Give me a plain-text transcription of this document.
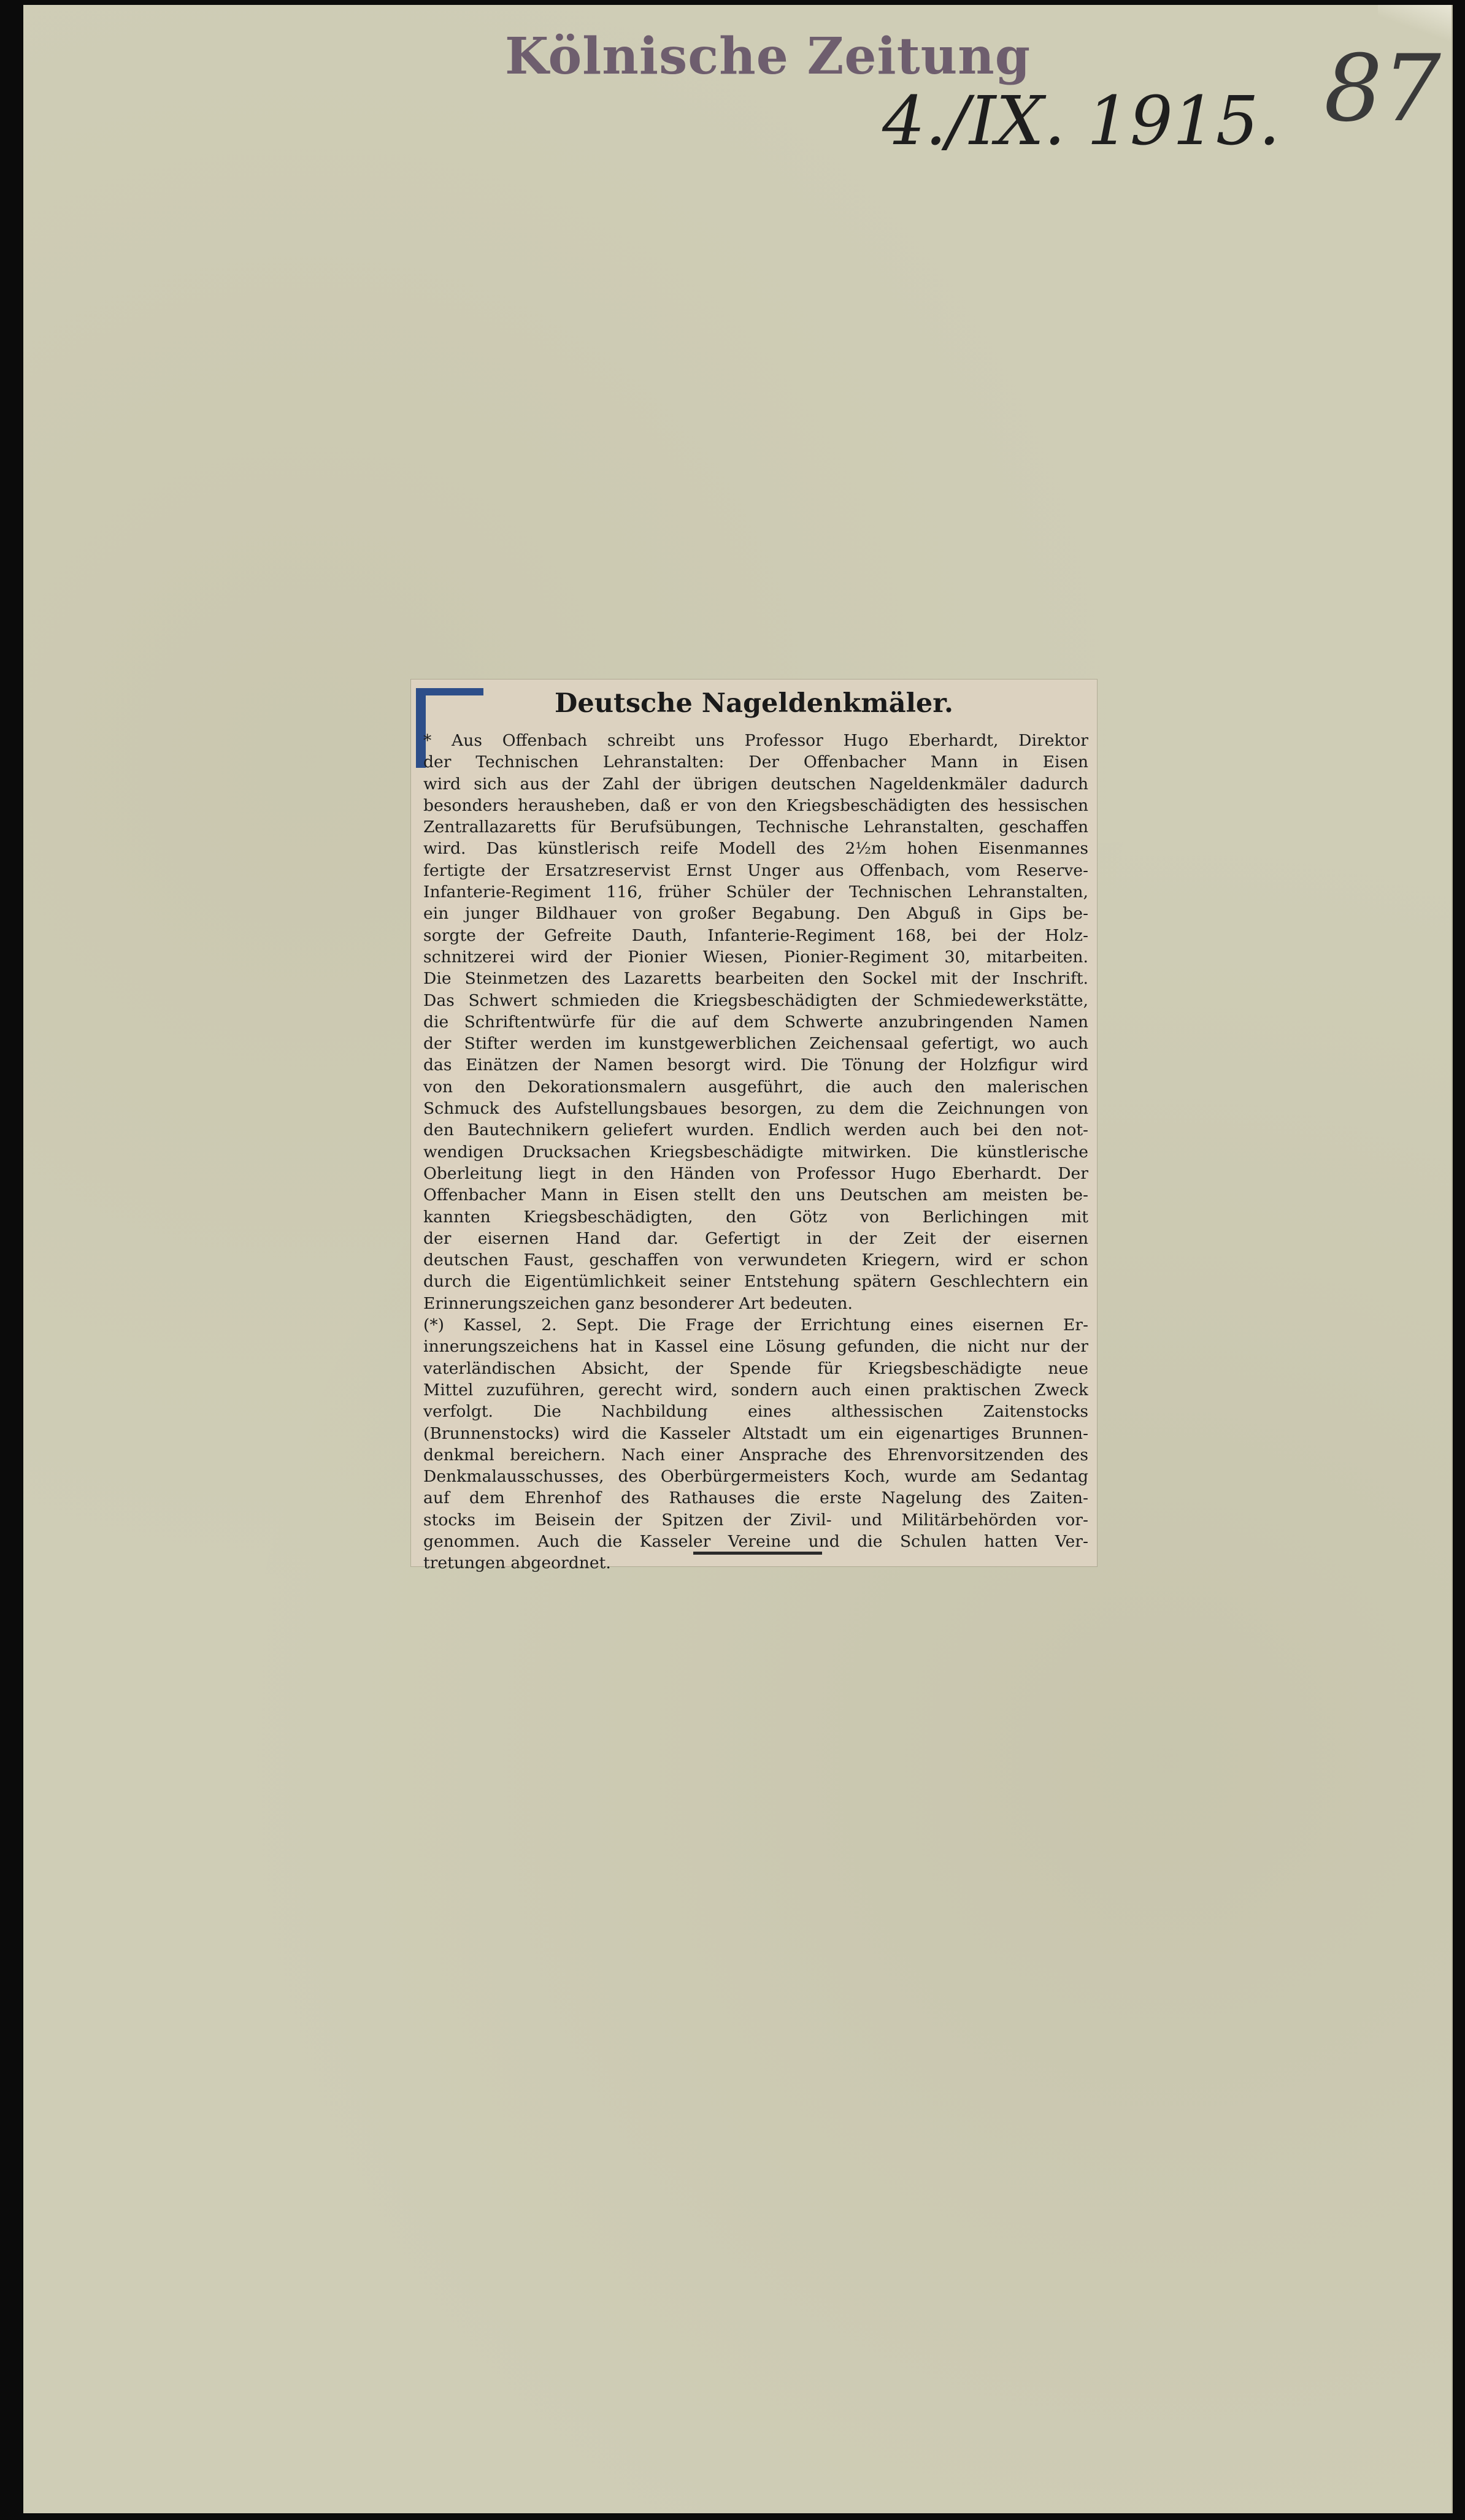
Kölnische Zeitung
4./IX. 1915. 87
Deutsche Nageldenkmäler.
* Aus Offenbach schreibt uns Professor Hugo Eberhardt, Direktor
der Technischen Lehranstalten: Der Offenbacher Mann in Eisen
wird sich aus der Zahl der übrigen deutschen Nageldenkmäler dadurch
besonders herausheben, daß er von den Kriegsbeschädigten des hessischen
Zentrallazaretts für Berufsübungen, Technische Lehranstalten, geschaffen
wird. Das künstlerisch reife Modell des 2½m hohen Eisenmannes
fertigte der Ersatzreservist Ernst Unger aus Offenbach, vom Reserve-
Infanterie-Regiment 116, früher Schüler der Technischen Lehranstalten,
ein junger Bildhauer von großer Begabung. Den Abguß in Gips be-
sorgte der Gefreite Dauth, Infanterie-Regiment 168, bei der Holz-
schnitzerei wird der Pionier Wiesen, Pionier-Regiment 30, mitarbeiten.
Die Steinmetzen des Lazaretts bearbeiten den Sockel mit der Inschrift.
Das Schwert schmieden die Kriegsbeschädigten der Schmiedewerkstätte,
die Schriftentwürfe für die auf dem Schwerte anzubringenden Namen
der Stifter werden im kunstgewerblichen Zeichensaal gefertigt, wo auch
das Einätzen der Namen besorgt wird. Die Tönung der Holzfigur wird
von den Dekorationsmalern ausgeführt, die auch den malerischen
Schmuck des Aufstellungsbaues besorgen, zu dem die Zeichnungen von
den Bautechnikern geliefert wurden. Endlich werden auch bei den not-
wendigen Drucksachen Kriegsbeschädigte mitwirken. Die künstlerische
Oberleitung liegt in den Händen von Professor Hugo Eberhardt. Der
Offenbacher Mann in Eisen stellt den uns Deutschen am meisten be-
kannten Kriegsbeschädigten, den Götz von Berlichingen mit
der eisernen Hand dar. Gefertigt in der Zeit der eisernen
deutschen Faust, geschaffen von verwundeten Kriegern, wird er schon
durch die Eigentümlichkeit seiner Entstehung spätern Geschlechtern ein
Erinnerungszeichen ganz besonderer Art bedeuten.
(*) Kassel, 2. Sept. Die Frage der Errichtung eines eisernen Er-
innerungszeichens hat in Kassel eine Lösung gefunden, die nicht nur der
vaterländischen Absicht, der Spende für Kriegsbeschädigte neue
Mittel zuzuführen, gerecht wird, sondern auch einen praktischen Zweck
verfolgt. Die Nachbildung eines althessischen Zaitenstocks
(Brunnenstocks) wird die Kasseler Altstadt um ein eigenartiges Brunnen-
denkmal bereichern. Nach einer Ansprache des Ehrenvorsitzenden des
Denkmalausschusses, des Oberbürgermeisters Koch, wurde am Sedantag
auf dem Ehrenhof des Rathauses die erste Nagelung des Zaiten-
stocks im Beisein der Spitzen der Zivil- und Militärbehörden vor-
genommen. Auch die Kasseler Vereine und die Schulen hatten Ver-
tretungen abgeordnet.
